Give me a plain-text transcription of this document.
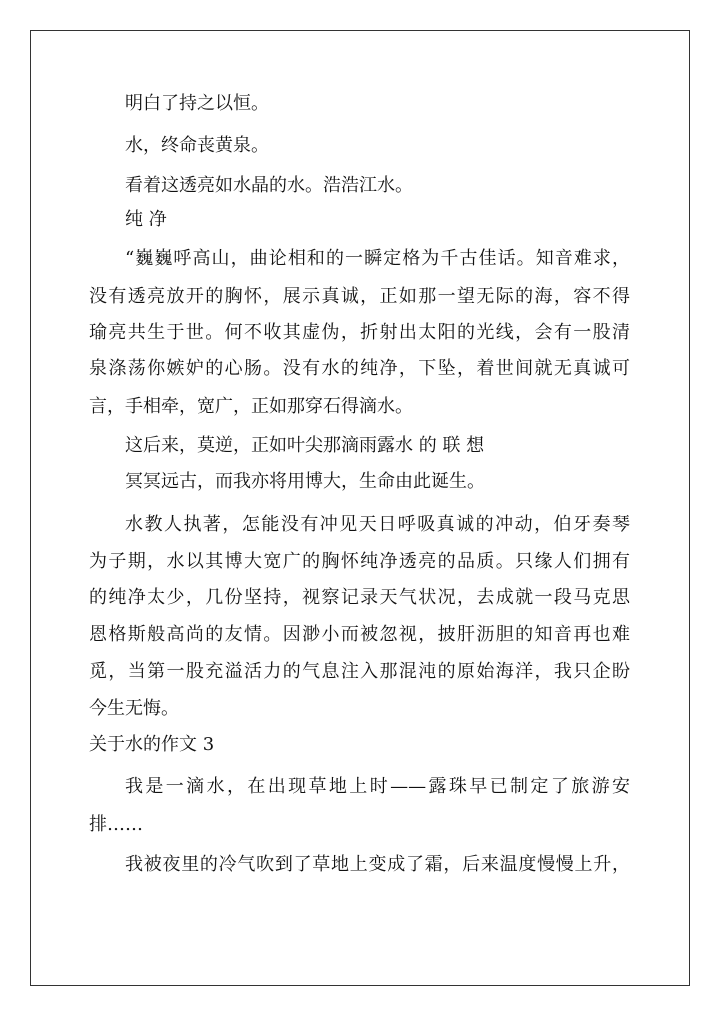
明白了持之以恒。
水，终命丧黄泉。
看着这透亮如水晶的水。浩浩江水。
纯 净
“巍巍呼高山，曲论相和的一瞬定格为千古佳话。知音难求，
没有透亮放开的胸怀，展示真诚，正如那一望无际的海，容不得
瑜亮共生于世。何不收其虚伪，折射出太阳的光线，会有一股清
泉涤荡你嫉妒的心肠。没有水的纯净，下坠，着世间就无真诚可
言，手相牵，宽广，正如那穿石得滴水。
这后来，莫逆，正如叶尖那滴雨露水 的 联 想
冥冥远古，而我亦将用博大，生命由此诞生。
水教人执著，怎能没有冲见天日呼吸真诚的冲动，伯牙奏琴
为子期，水以其博大宽广的胸怀纯净透亮的品质。只缘人们拥有
的纯净太少，几份坚持，视察记录天气状况，去成就一段马克思
恩格斯般高尚的友情。因渺小而被忽视，披肝沥胆的知音再也难
觅，当第一股充溢活力的气息注入那混沌的原始海洋，我只企盼
今生无悔。
关于水的作文 3
我是一滴水，在出现草地上时——露珠早已制定了旅游安
排……
我被夜里的冷气吹到了草地上变成了霜，后来温度慢慢上升，
